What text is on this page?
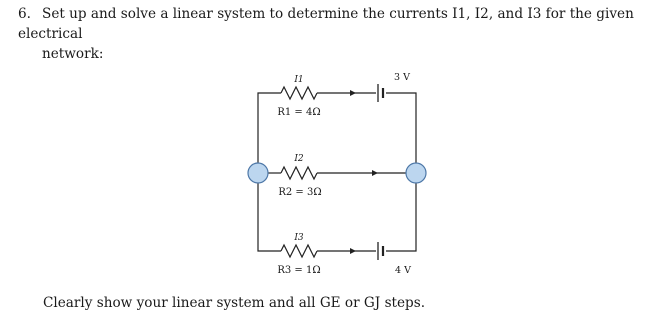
6. Set up and solve a linear system to determine the currents I1, I2, and I3 for the given electrical
network:
I1
R1 = 4Ω
3 V
I2
R2 = 3Ω
I3
R3 = 1Ω	4 V
Clearly show your linear system and all GE or GJ steps.
